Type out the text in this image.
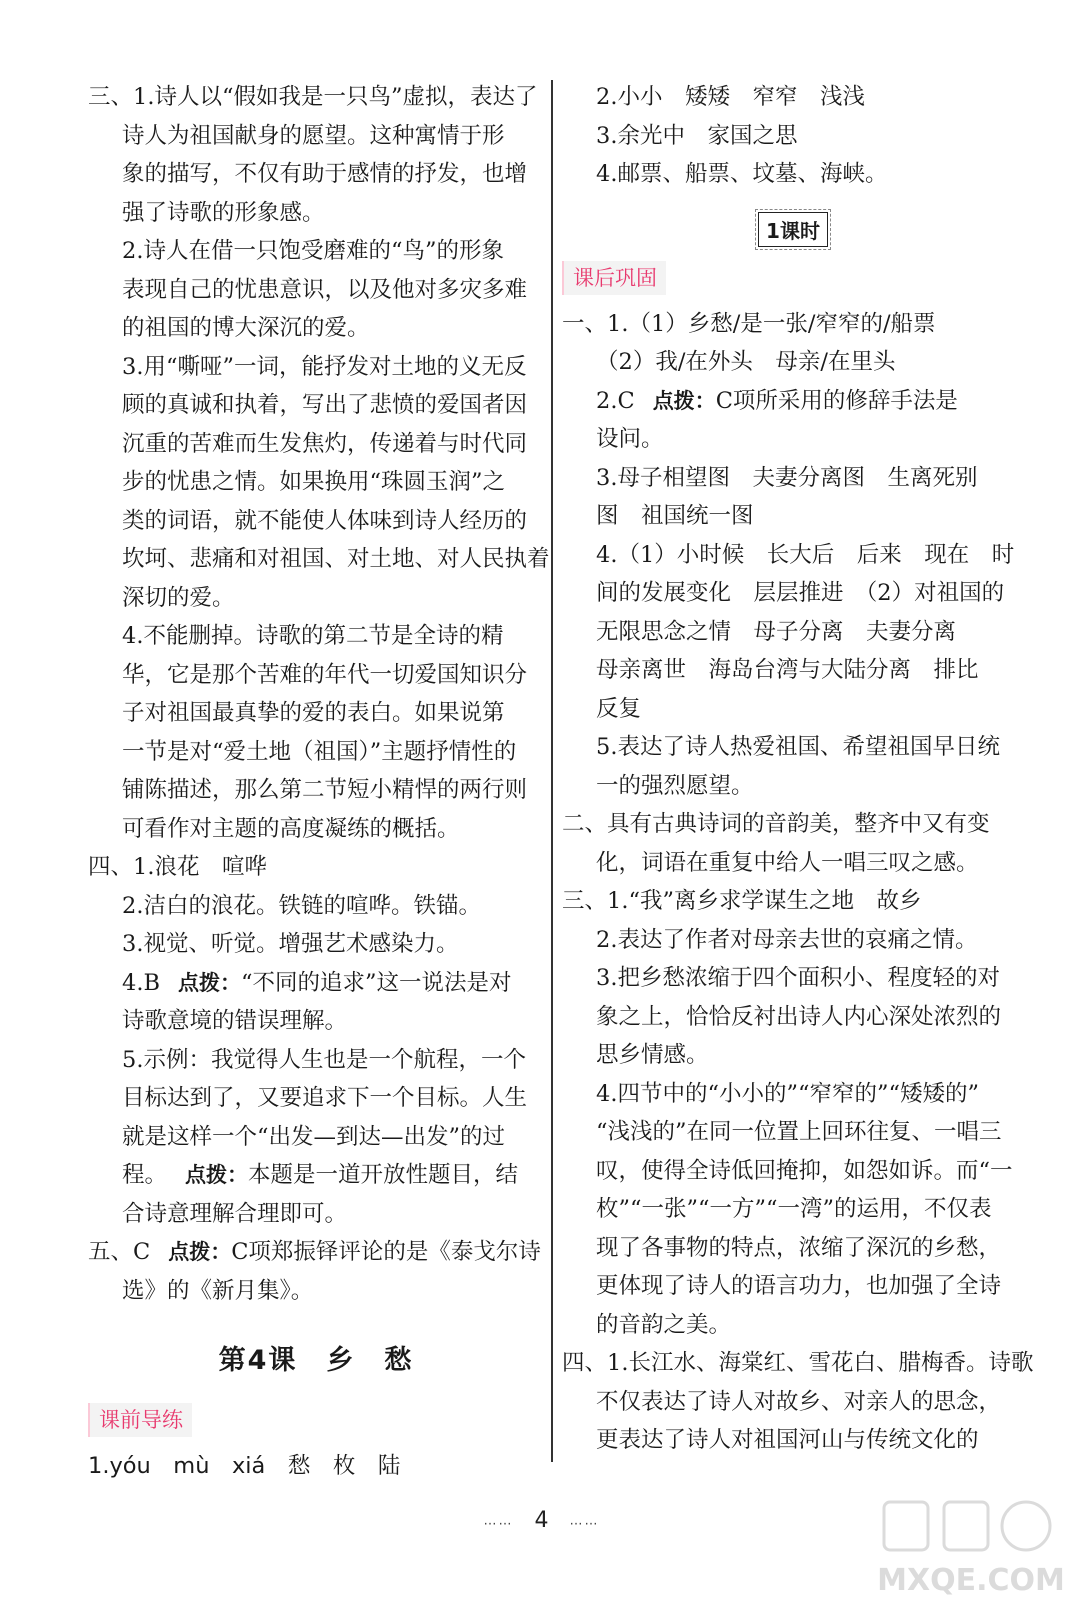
三、1.诗人以“假如我是一只鸟”虚拟，表达了

诗人为祖国献身的愿望。这种寓情于形

象的描写，不仅有助于感情的抒发，也增

强了诗歌的形象感。

2.诗人在借一只饱受磨难的“鸟”的形象

表现自己的忧患意识，以及他对多灾多难

的祖国的博大深沉的爱。

3.用“嘶哑”一词，能抒发对土地的义无反

顾的真诚和执着，写出了悲愤的爱国者因

沉重的苦难而生发焦灼，传递着与时代同

步的忧患之情。如果换用“珠圆玉润”之

类的词语，就不能使人体味到诗人经历的

坎坷、悲痛和对祖国、对土地、对人民执着

深切的爱。

4.不能删掉。诗歌的第二节是全诗的精

华，它是那个苦难的年代一切爱国知识分

子对祖国最真挚的爱的表白。如果说第

一节是对“爱土地（祖国）”主题抒情性的

铺陈描述，那么第二节短小精悍的两行则

可看作对主题的高度凝练的概括。

四、1.浪花　喧哗

2.洁白的浪花。铁链的喧哗。铁锚。

3.视觉、听觉。增强艺术感染力。

4.B 点拨：“不同的追求”这一说法是对

诗歌意境的错误理解。

5.示例：我觉得人生也是一个航程，一个

目标达到了，又要追求下一个目标。人生

就是这样一个“出发—到达—出发”的过

程。 点拨：本题是一道开放性题目，结

合诗意理解合理即可。

五、C 点拨：C项郑振铎评论的是《泰戈尔诗

选》的《新月集》。

第4课　乡　愁
课前导练

1.yóu　mù　xiá　愁　枚　陆

2.小小　矮矮　窄窄　浅浅

3.余光中　家国之思

4.邮票、船票、坟墓、海峡。

1课时
课后巩固

一、1.（1）乡愁/是一张/窄窄的/船票

（2）我/在外头　母亲/在里头

2.C 点拨：C项所采用的修辞手法是

设问。

3.母子相望图　夫妻分离图　生离死别

图　祖国统一图

4.（1）小时候　长大后　后来　现在　时

间的发展变化　层层推进　（2）对祖国的

无限思念之情　母子分离　夫妻分离

母亲离世　海岛台湾与大陆分离　排比

反复

5.表达了诗人热爱祖国、希望祖国早日统

一的强烈愿望。

二、具有古典诗词的音韵美，整齐中又有变

化，词语在重复中给人一唱三叹之感。

三、1.“我”离乡求学谋生之地　故乡

2.表达了作者对母亲去世的哀痛之情。

3.把乡愁浓缩于四个面积小、程度轻的对

象之上，恰恰反衬出诗人内心深处浓烈的

思乡情感。

4.四节中的“小小的”“窄窄的”“矮矮的”

“浅浅的”在同一位置上回环往复、一唱三

叹，使得全诗低回掩抑，如怨如诉。而“一

枚”“一张”“一方”“一湾”的运用，不仅表

现了各事物的特点，浓缩了深沉的乡愁，

更体现了诗人的语言功力，也加强了全诗

的音韵之美。

四、1.长江水、海棠红、雪花白、腊梅香。诗歌

不仅表达了诗人对故乡、对亲人的思念，

更表达了诗人对祖国河山与传统文化的

…… 4 ……
MXQE.COM
